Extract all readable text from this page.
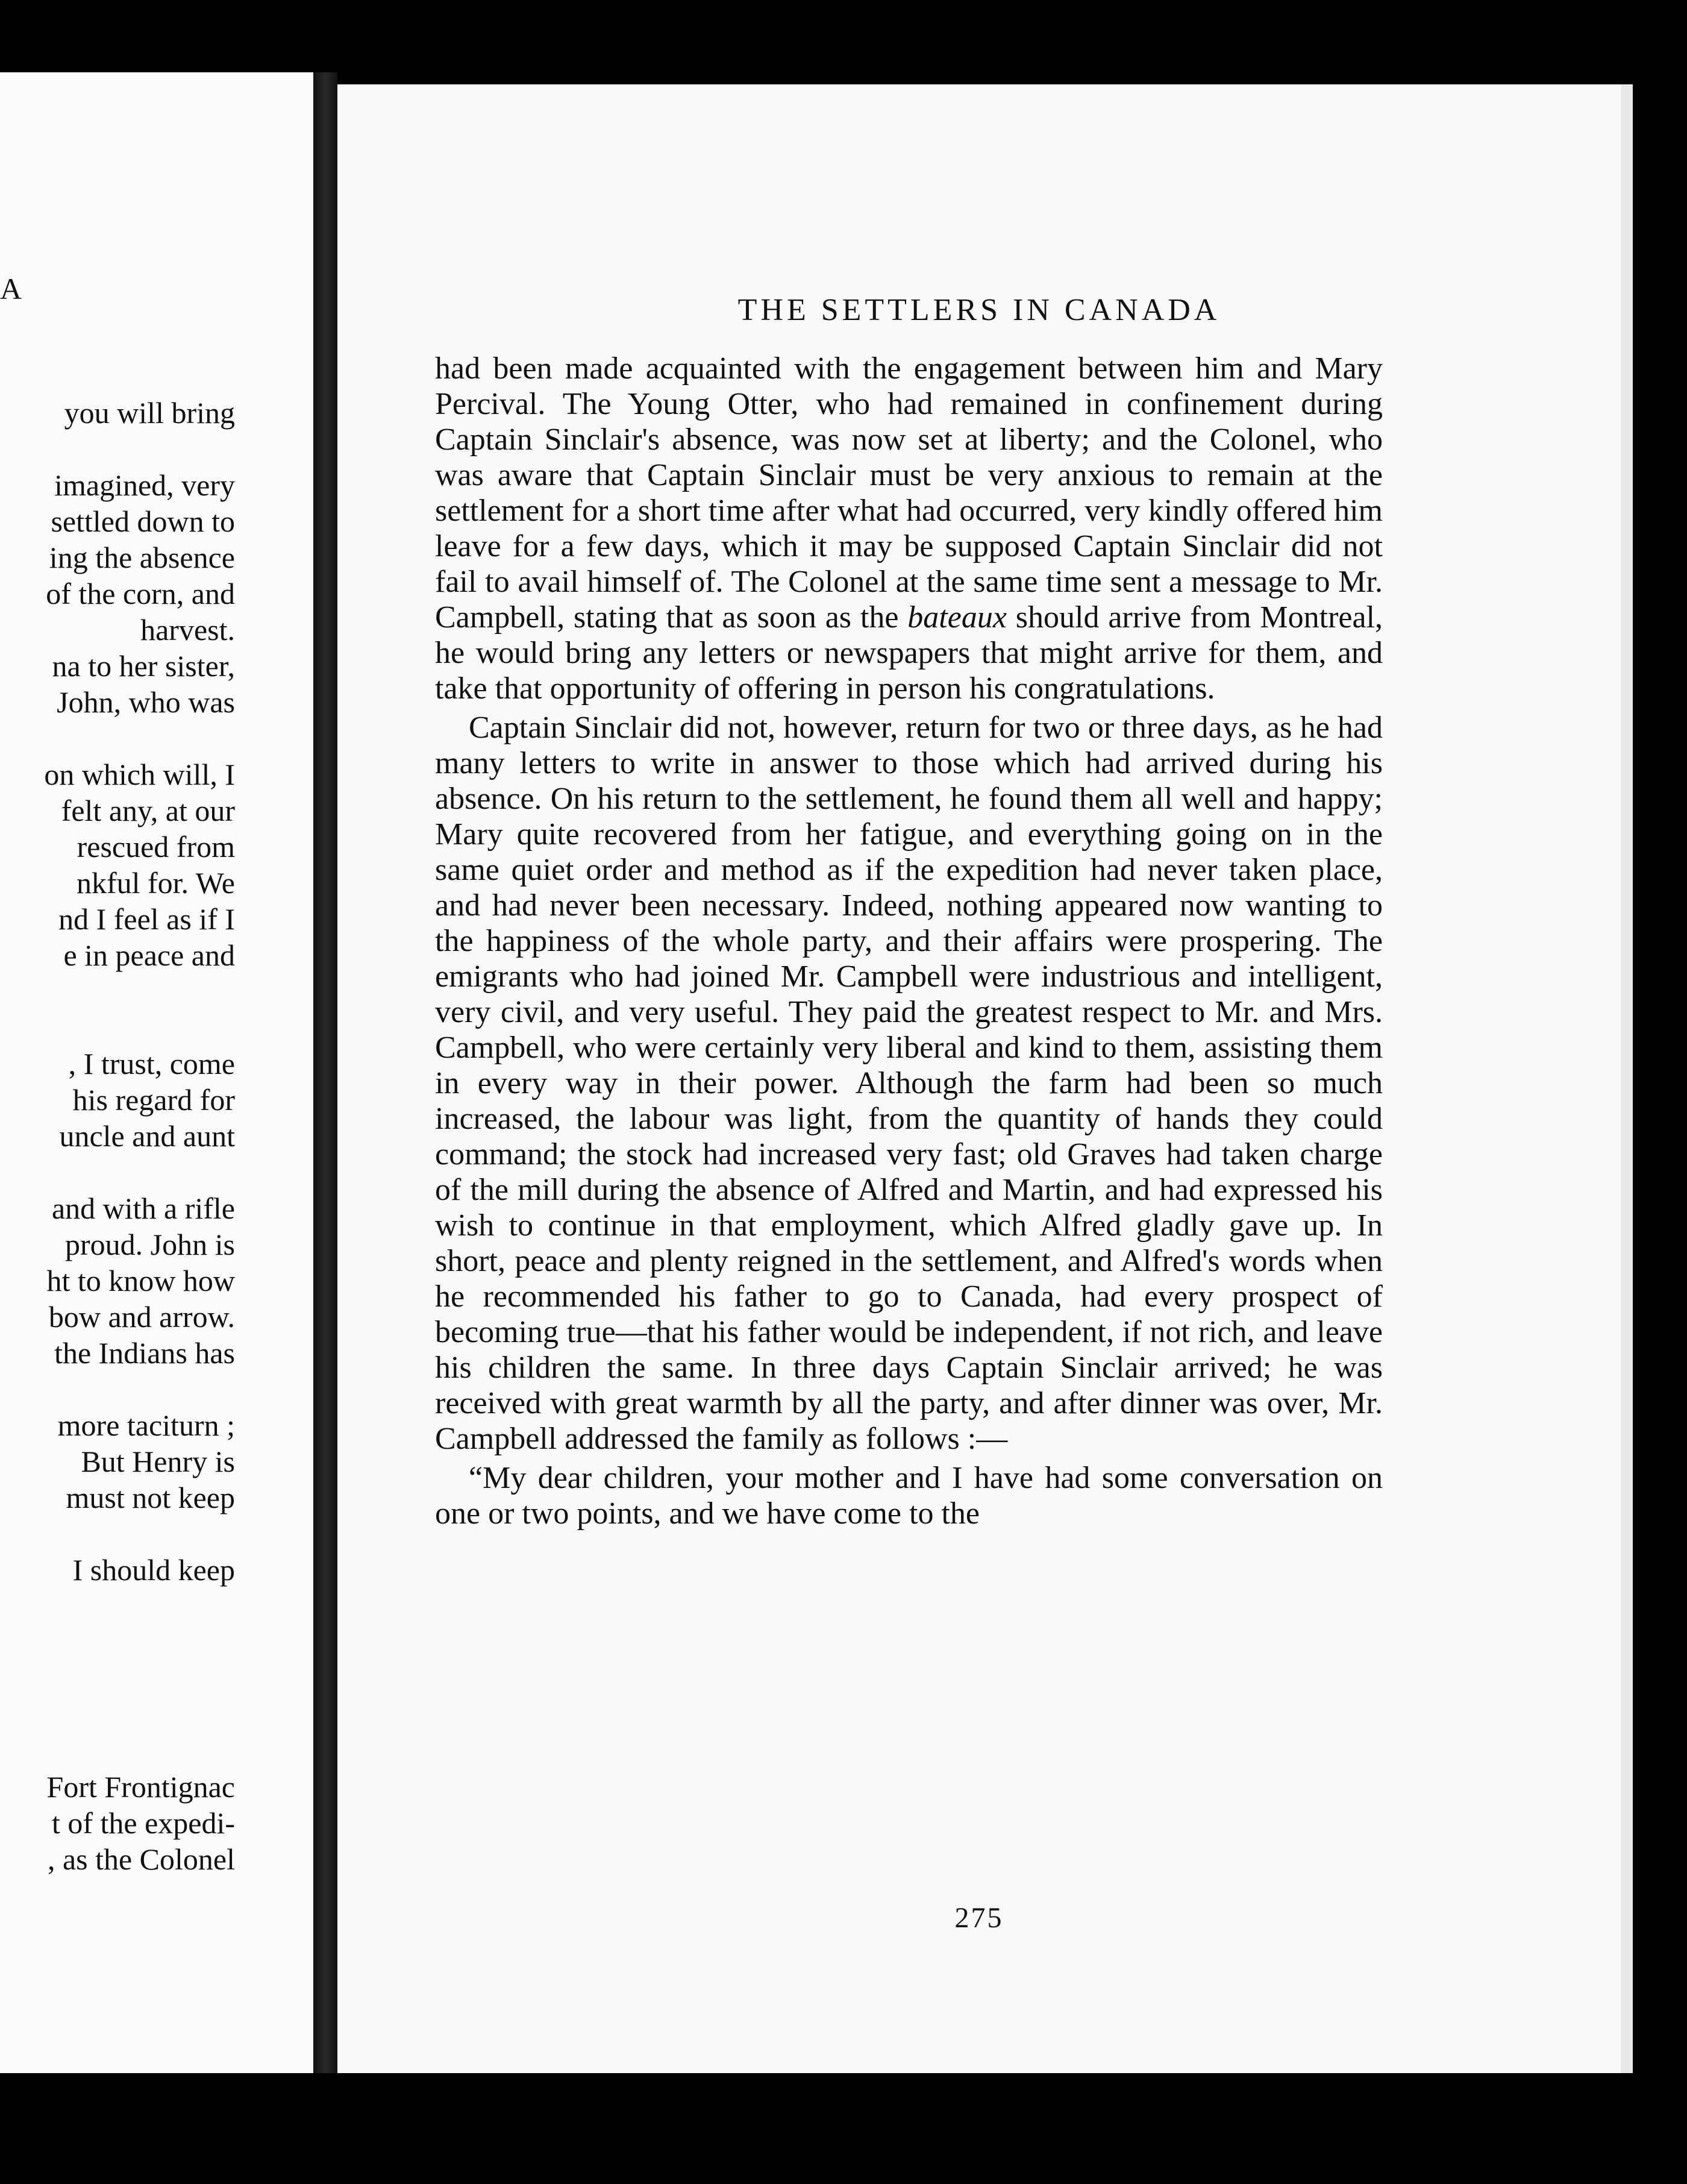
A
you will bring
imagined, very
settled down to
ing the absence
of the corn, and
harvest.
na to her sister,
John, who was
on which will, I
felt any, at our
rescued from
nkful for. We
nd I feel as if I
e in peace and
, I trust, come
his regard for
uncle and aunt
and with a rifle
proud. John is
ht to know how
bow and arrow.
the Indians has
more taciturn ;
But Henry is
must not keep
I should keep
Fort Frontignac
t of the expedi-
, as the Colonel
THE SETTLERS IN CANADA

had been made acquainted with the engagement between him and Mary Percival. The Young Otter, who had remained in confinement during Captain Sinclair's absence, was now set at liberty; and the Colonel, who was aware that Captain Sinclair must be very anxious to remain at the settlement for a short time after what had occurred, very kindly offered him leave for a few days, which it may be supposed Captain Sinclair did not fail to avail himself of. The Colonel at the same time sent a message to Mr. Campbell, stating that as soon as the bateaux should arrive from Montreal, he would bring any letters or newspapers that might arrive for them, and take that opportunity of offering in person his congratulations.

Captain Sinclair did not, however, return for two or three days, as he had many letters to write in answer to those which had arrived during his absence. On his return to the settlement, he found them all well and happy; Mary quite recovered from her fatigue, and everything going on in the same quiet order and method as if the expedition had never taken place, and had never been necessary. Indeed, nothing appeared now wanting to the happiness of the whole party, and their affairs were prospering. The emigrants who had joined Mr. Campbell were industrious and intelligent, very civil, and very useful. They paid the greatest respect to Mr. and Mrs. Campbell, who were certainly very liberal and kind to them, assisting them in every way in their power. Although the farm had been so much increased, the labour was light, from the quantity of hands they could command; the stock had increased very fast; old Graves had taken charge of the mill during the absence of Alfred and Martin, and had expressed his wish to continue in that employment, which Alfred gladly gave up. In short, peace and plenty reigned in the settlement, and Alfred's words when he recommended his father to go to Canada, had every prospect of becoming true—that his father would be independent, if not rich, and leave his children the same. In three days Captain Sinclair arrived; he was received with great warmth by all the party, and after dinner was over, Mr. Campbell addressed the family as follows :—

“My dear children, your mother and I have had some conversation on one or two points, and we have come to the

275
